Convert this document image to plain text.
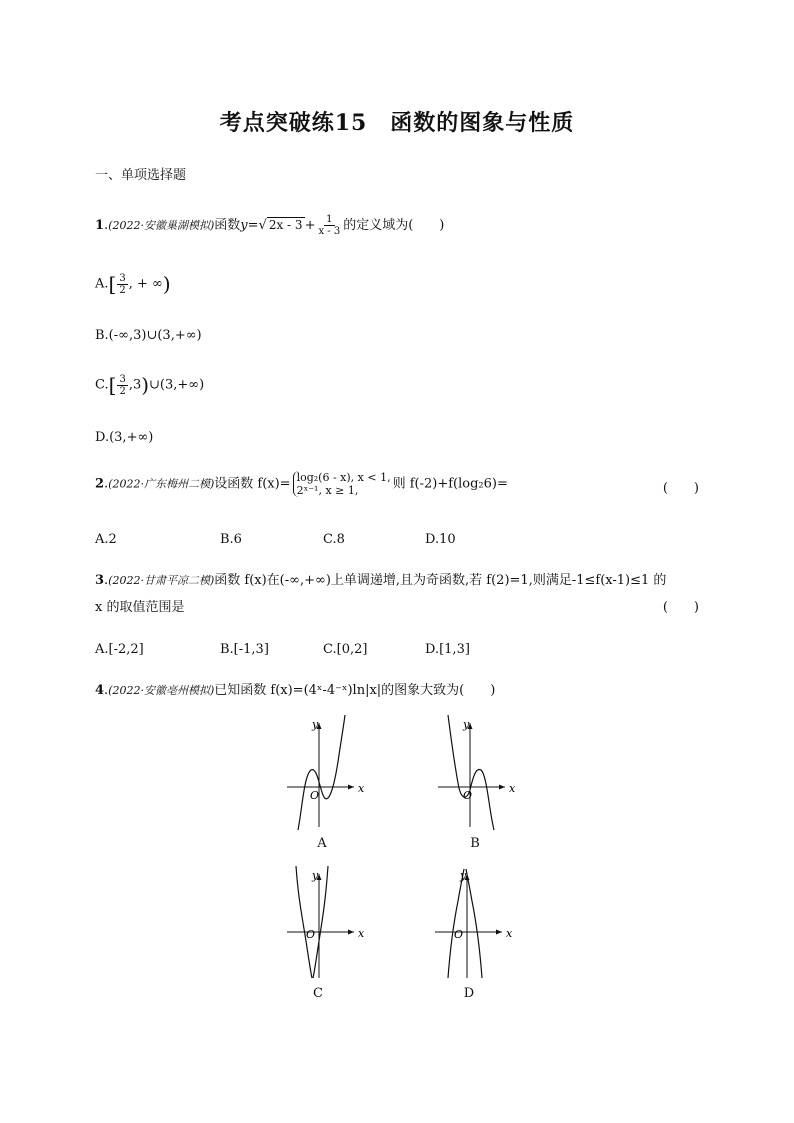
考点突破练15　函数的图象与性质
一、单项选择题
1.(2022·安徽巢湖模拟)函数y=√ $2x - 3 + \frac{1}{x - 3}$ 的定义域为(　　)
$A.[ \frac{3}{2}$ , + ∞)
B.(-∞,3)∪(3,+∞)
$C.[ \frac{3}{2}$ ,3)∪(3,+∞)
D.(3,+∞)
2.(2022·广东梅州二模)设函数 f(x)= log₂(6 - x), x < 1,
2ˣ⁻¹, x ≥ 1,	则 f(-2)+f(log₂6)=	(　　)
A.2	B.6	C.8	D.10
3.(2022·甘肃平凉二模)函数 f(x)在(-∞,+∞)上单调递增,且为奇函数,若 f(2)=1,则满足-1≤f(x-1)≤1 的
x 的取值范围是	(　　)
A.[-2,2]	B.[-1,3]	C.[0,2]	D.[1,3]
4.(2022·安徽亳州模拟)已知函数 f(x)=(4ˣ-4⁻ˣ)ln|x|的图象大致为(　　)
y
x
O
A
y
x
O
B
y
x
O
C
y
x
O
D
